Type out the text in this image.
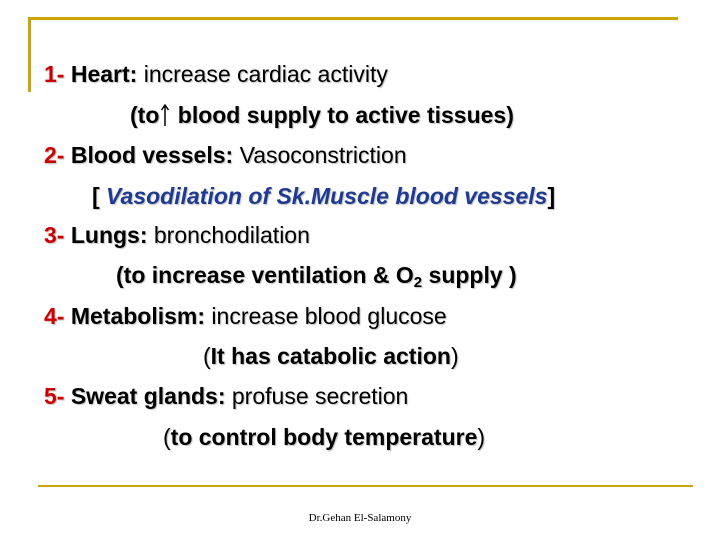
1- Heart: increase cardiac activity
(to blood supply to active tissues)
2- Blood vessels: Vasoconstriction
[ Vasodilation of Sk.Muscle blood vessels]
3- Lungs: bronchodilation
(to increase ventilation & $O_2$ supply )
4- Metabolism: increase blood glucose
(It has catabolic action)
5- Sweat glands: profuse secretion
(to control body temperature)
Dr.Gehan El-Salamony
